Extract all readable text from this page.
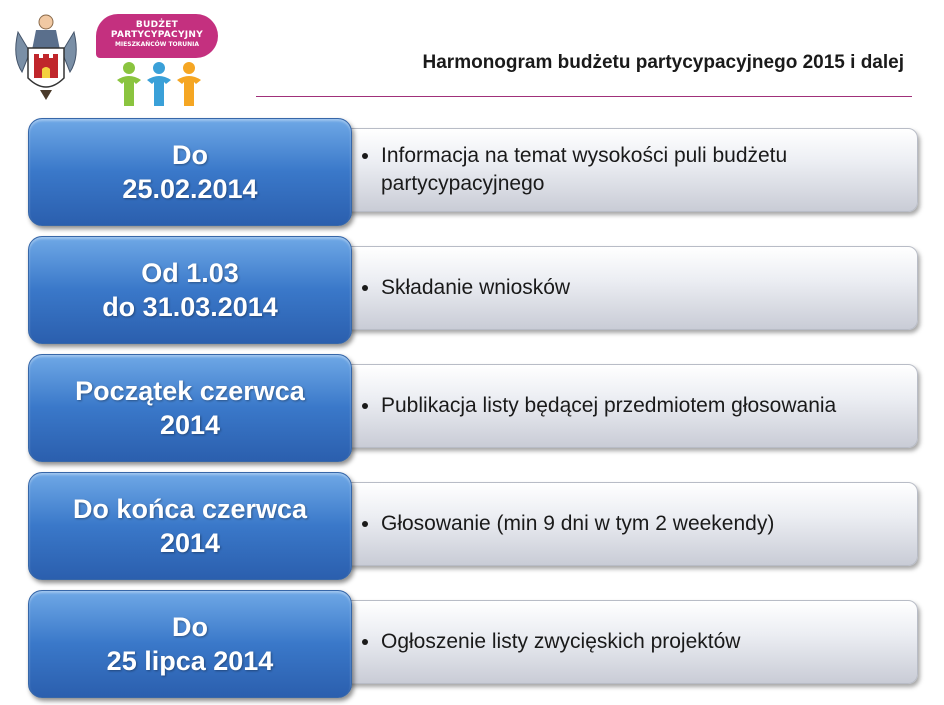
BUDŻET
PARTYCYPACYJNY
MIESZKAŃCÓW TORUNIA
Harmonogram budżetu partycypacyjnego 2015 i dalej
• Informacja na temat wysokości puli budżetu partycypacyjnego
Do
25.02.2014
• Składanie wniosków
Od 1.03
do 31.03.2014
• Publikacja listy będącej przedmiotem głosowania
Początek czerwca
2014
• Głosowanie (min 9 dni w tym 2 weekendy)
Do końca czerwca
2014
• Ogłoszenie listy zwycięskich projektów
Do
25 lipca 2014
